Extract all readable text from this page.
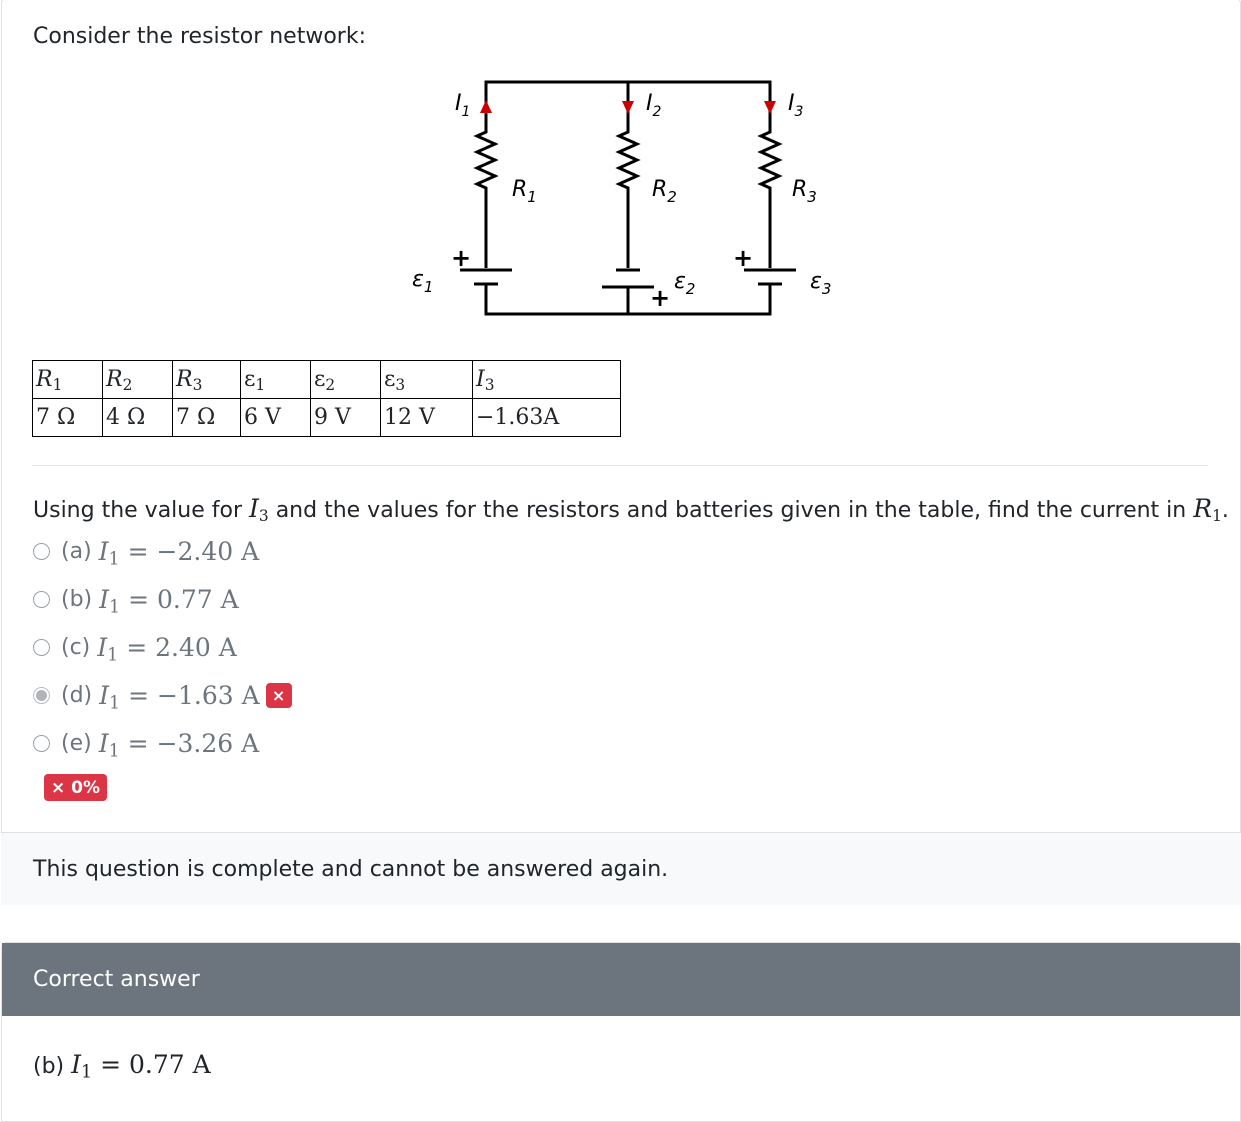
Consider the resistor network:

$I_1$	$I_2$	$I_3$
$R_1$	$R_2$	$R_3$
$\varepsilon_1$	$\varepsilon_2$	$\varepsilon_3$
+
+
+
$R_1$	$R_2$	$R_3$	$\varepsilon_1$	$\varepsilon_2$	$\varepsilon_3$	$I_3$
7 Ω	4 Ω	7 Ω	6 V	9 V	12 V	−1.63A

Using the value for $I_3$ and the values for the resistors and batteries given in the table, find the current in $R_1$.

(a)
$I_1 = -2.40$ A
(b)
$I_1 = 0.77$ A
(c)
$I_1 = 2.40$ A
(d)
$I_1 = -1.63$ A ×
(e)
$I_1 = -3.26$ A
× 0%

This question is complete and cannot be answered again.

Correct answer
(b) $I_1 = 0.77$ A
